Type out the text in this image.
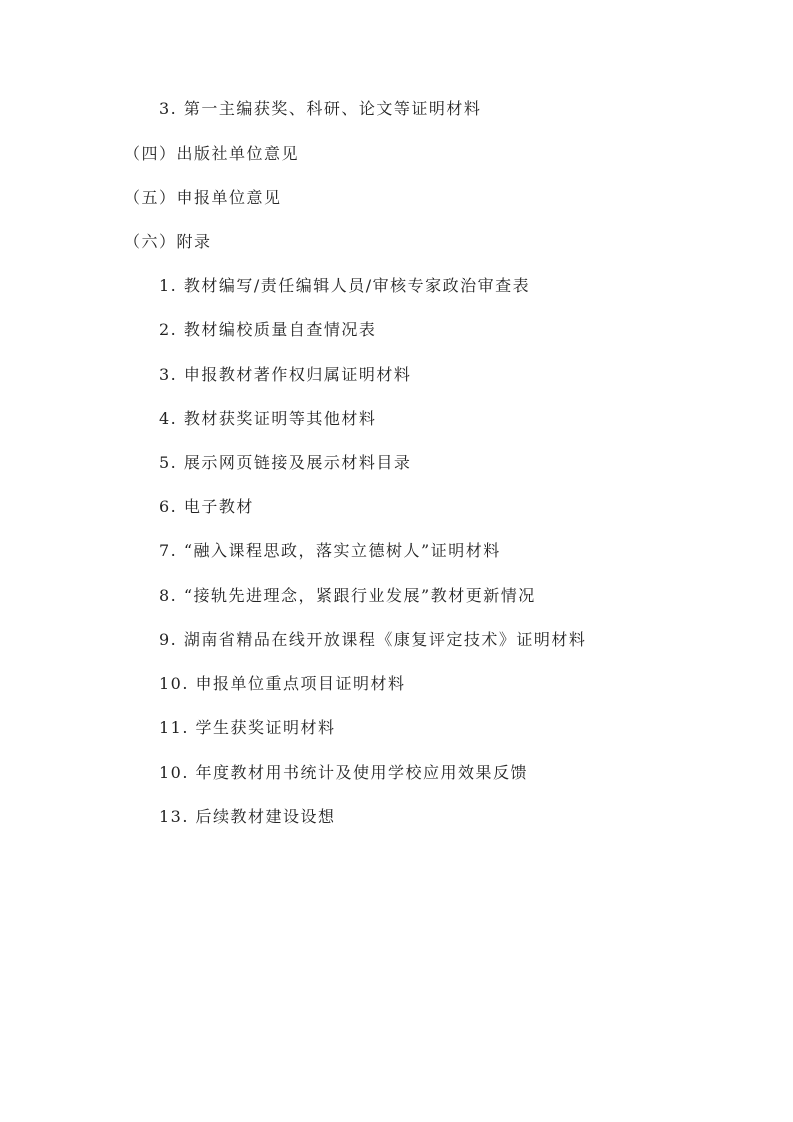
3. 第一主编获奖、科研、论文等证明材料
（四）出版社单位意见
（五）申报单位意见
（六）附录
1. 教材编写/责任编辑人员/审核专家政治审查表
2. 教材编校质量自查情况表
3. 申报教材著作权归属证明材料
4. 教材获奖证明等其他材料
5. 展示网页链接及展示材料目录
6. 电子教材
7. “融入课程思政，落实立德树人”证明材料
8. “接轨先进理念，紧跟行业发展”教材更新情况
9. 湖南省精品在线开放课程《康复评定技术》证明材料
10. 申报单位重点项目证明材料
11. 学生获奖证明材料
10. 年度教材用书统计及使用学校应用效果反馈
13. 后续教材建设设想
